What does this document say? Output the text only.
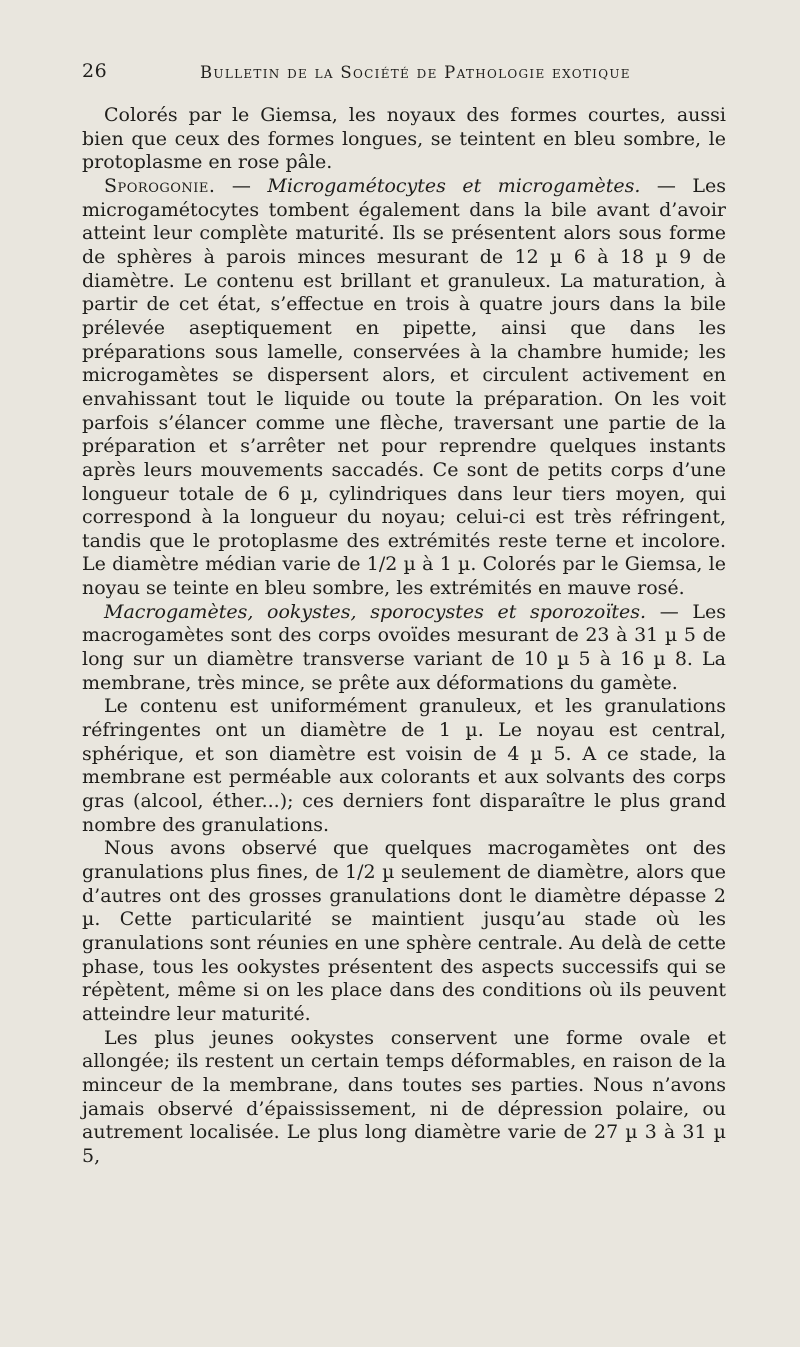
26	Bulletin de la Société de Pathologie exotique

Colorés par le Giemsa, les noyaux des formes courtes, aussi bien que ceux des formes longues, se teintent en bleu sombre, le protoplasme en rose pâle.

Sporogonie. — Microgamétocytes et microgamètes. — Les microgamétocytes tombent également dans la bile avant d’avoir atteint leur complète maturité. Ils se présentent alors sous forme de sphères à parois minces mesurant de 12 µ 6 à 18 µ 9 de diamètre. Le contenu est brillant et granuleux. La maturation, à partir de cet état, s’effectue en trois à quatre jours dans la bile prélevée aseptiquement en pipette, ainsi que dans les préparations sous lamelle, conservées à la chambre humide; les microgamètes se dispersent alors, et circulent activement en envahissant tout le liquide ou toute la préparation. On les voit parfois s’élancer comme une flèche, traversant une partie de la préparation et s’arrêter net pour reprendre quelques instants après leurs mouvements saccadés. Ce sont de petits corps d’une longueur totale de 6 µ, cylindriques dans leur tiers moyen, qui correspond à la longueur du noyau; celui-ci est très réfringent, tandis que le protoplasme des extrémités reste terne et incolore. Le diamètre médian varie de 1/2 µ à 1 µ. Colorés par le Giemsa, le noyau se teinte en bleu sombre, les extrémités en mauve rosé.

Macrogamètes, ookystes, sporocystes et sporozoïtes. — Les macrogamètes sont des corps ovoïdes mesurant de 23 à 31 µ 5 de long sur un diamètre transverse variant de 10 µ 5 à 16 µ 8. La membrane, très mince, se prête aux déformations du gamète.

Le contenu est uniformément granuleux, et les granulations réfringentes ont un diamètre de 1 µ. Le noyau est central, sphérique, et son diamètre est voisin de 4 µ 5. A ce stade, la membrane est perméable aux colorants et aux solvants des corps gras (alcool, éther...); ces derniers font disparaître le plus grand nombre des granulations.

Nous avons observé que quelques macrogamètes ont des granulations plus fines, de 1/2 µ seulement de diamètre, alors que d’autres ont des grosses granulations dont le diamètre dépasse 2 µ. Cette particularité se maintient jusqu’au stade où les granulations sont réunies en une sphère centrale. Au delà de cette phase, tous les ookystes présentent des aspects successifs qui se répètent, même si on les place dans des conditions où ils peuvent atteindre leur maturité.

Les plus jeunes ookystes conservent une forme ovale et allongée; ils restent un certain temps déformables, en raison de la minceur de la membrane, dans toutes ses parties. Nous n’avons jamais observé d’épaississement, ni de dépression polaire, ou autrement localisée. Le plus long diamètre varie de 27 µ 3 à 31 µ 5,
